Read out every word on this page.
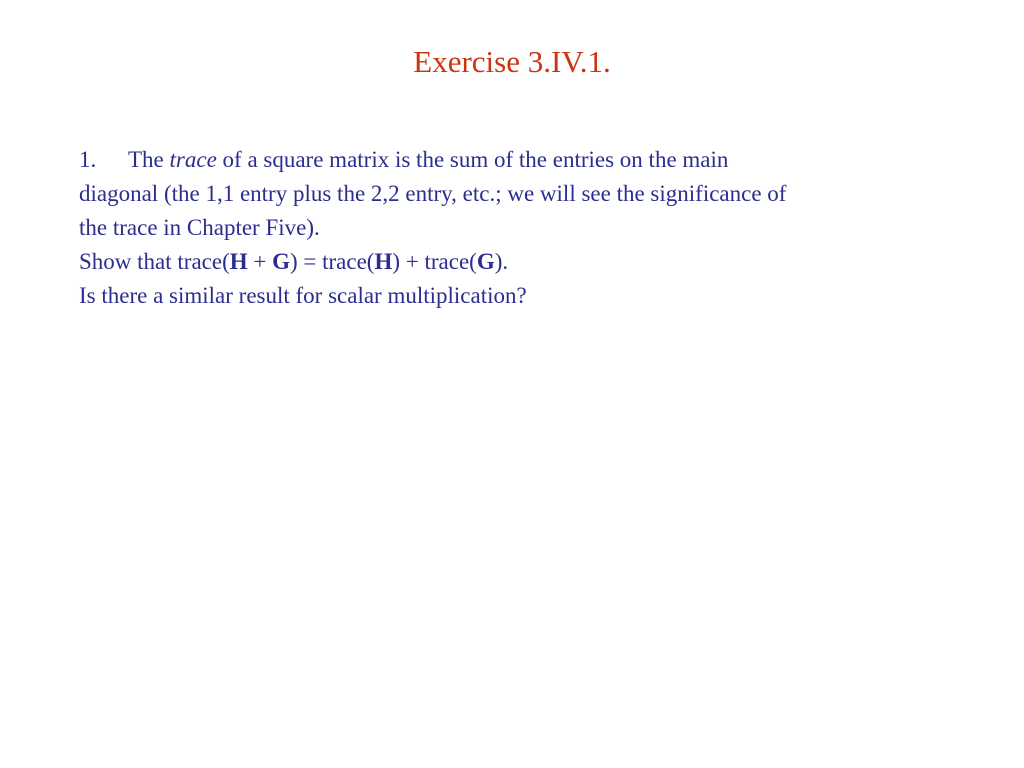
Exercise 3.IV.1.
1. The trace of a square matrix is the sum of the entries on the main
diagonal (the 1,1 entry plus the 2,2 entry, etc.; we will see the significance of
the trace in Chapter Five).
Show that trace(H + G) = trace(H) + trace(G).
Is there a similar result for scalar multiplication?
